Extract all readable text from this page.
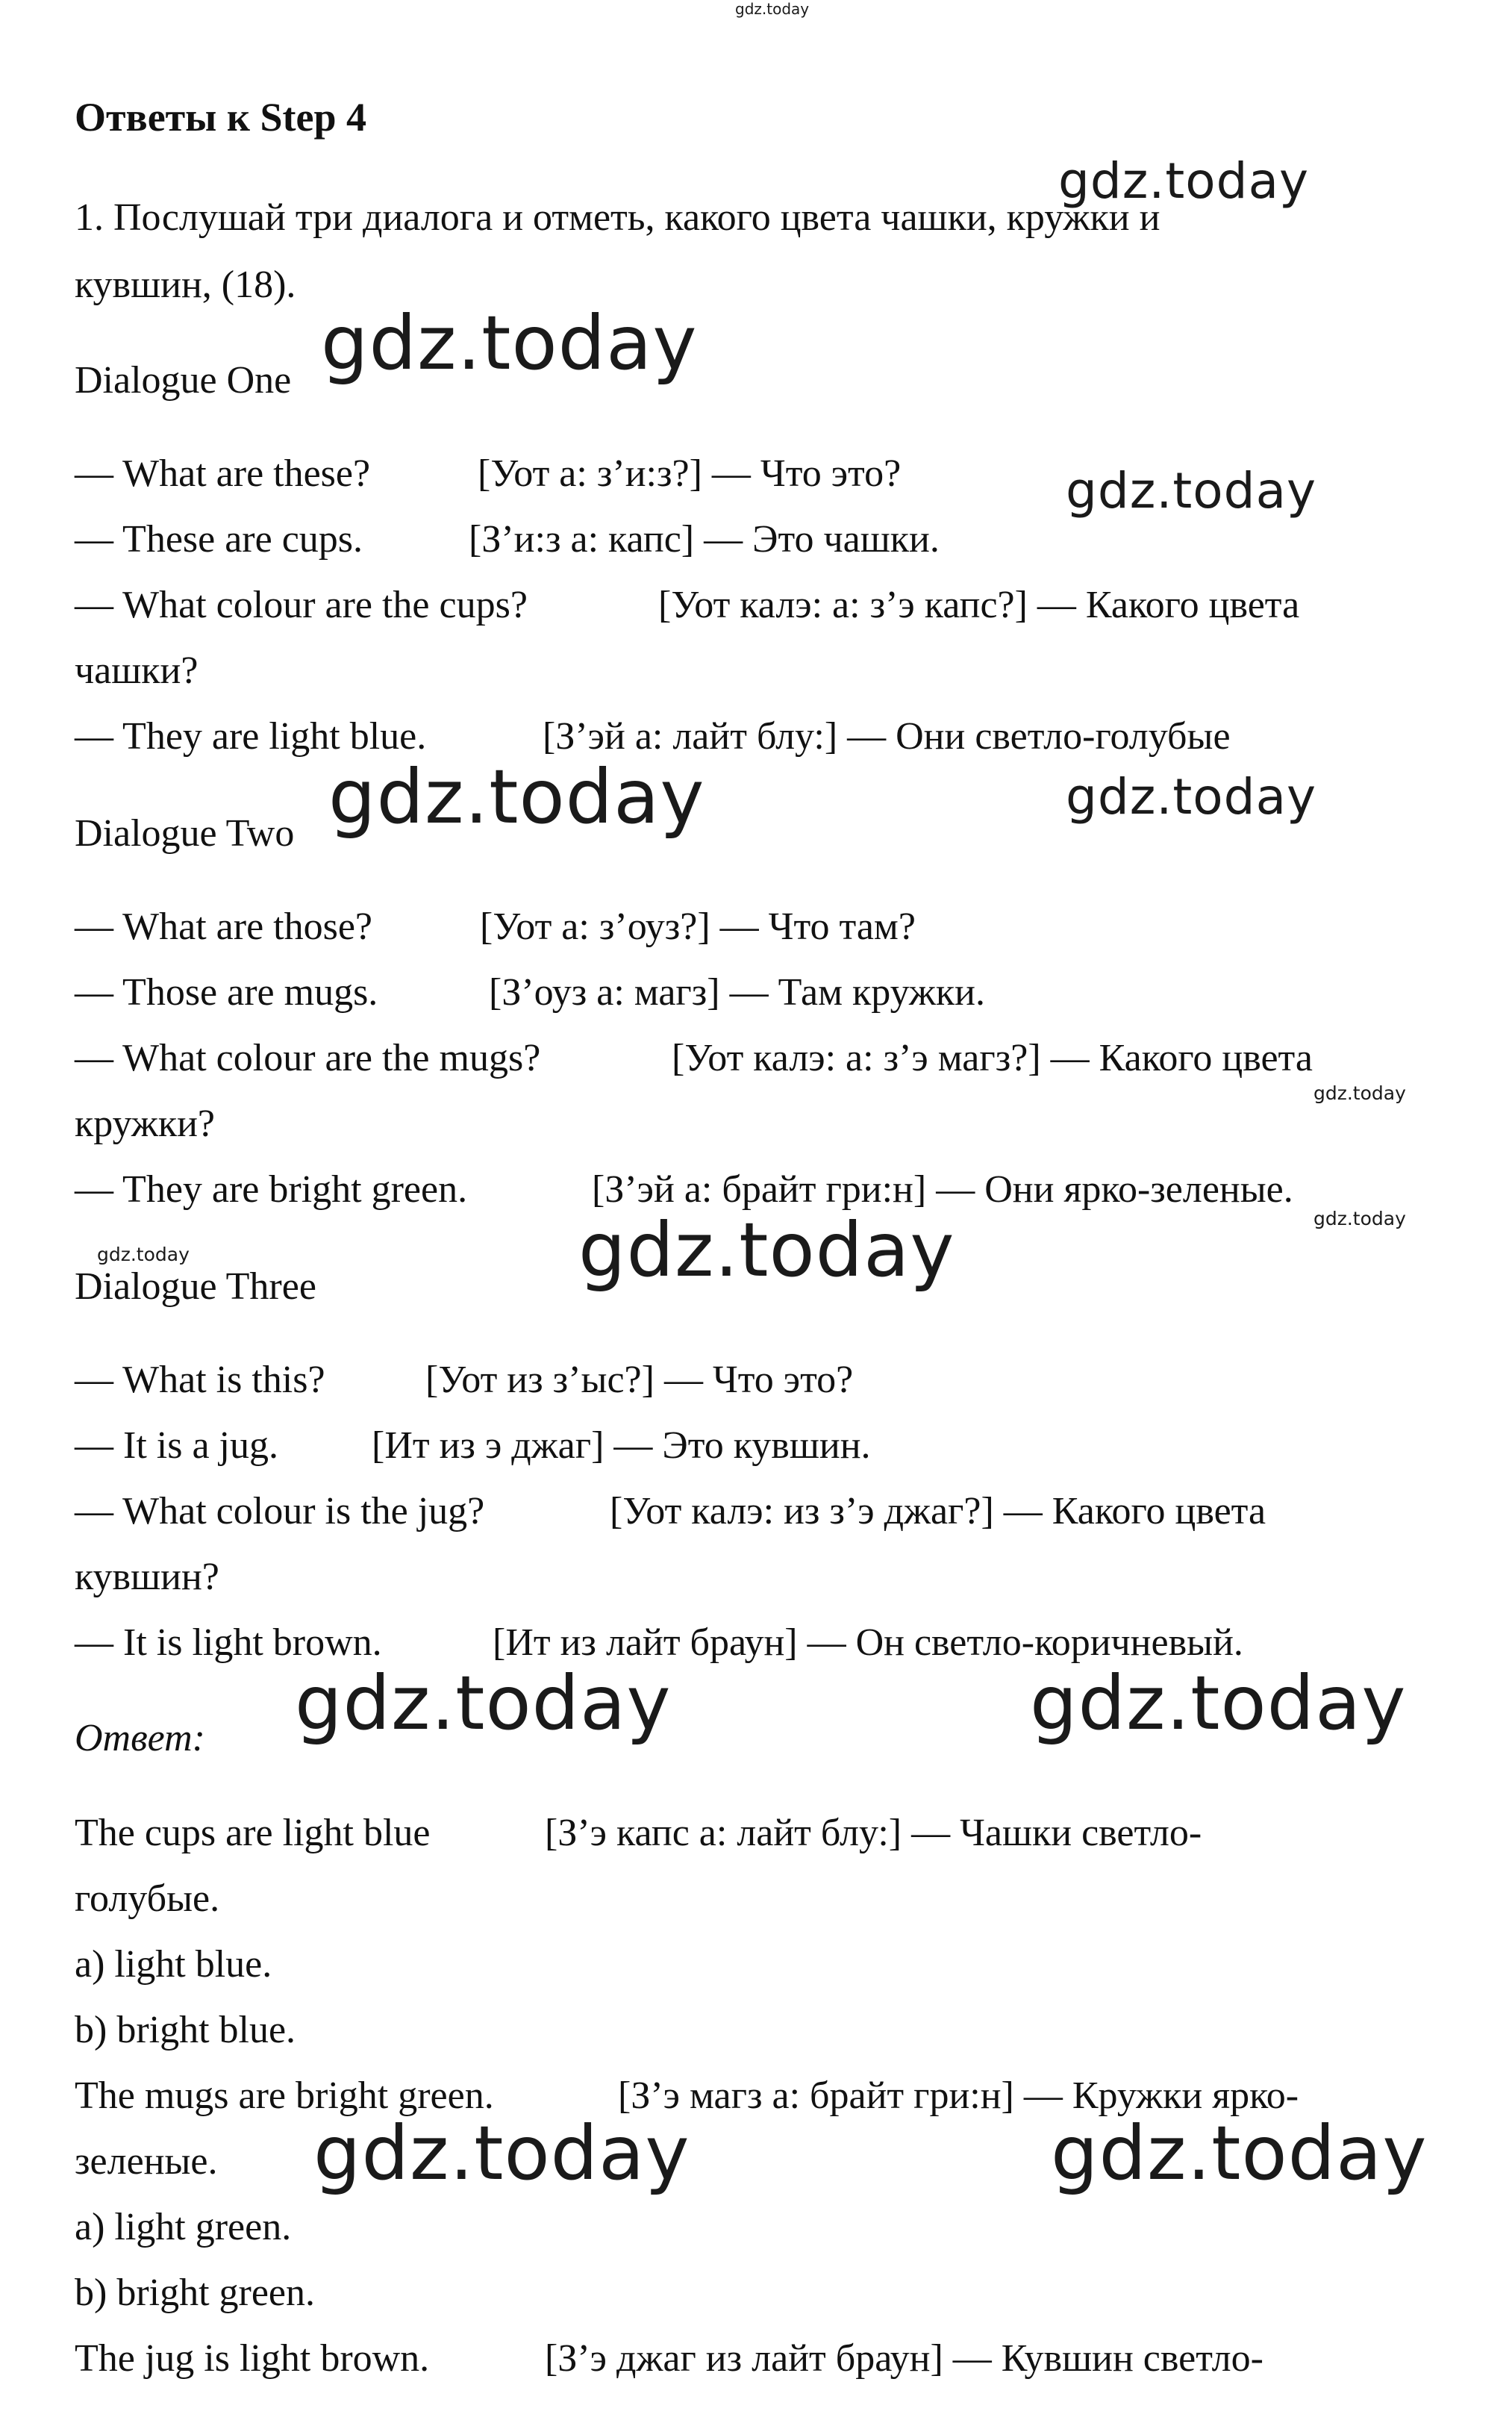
gdz.today
Ответы к Step 4
1. Послушай три диалога и отметь, какого цвета чашки, кружки и
кувшин, (18).
Dialogue One
— What are these?	[Уот а: з’и:з?] — Что это?
— These are cups.	[З’и:з а: капс] — Это чашки.
— What colour are the cups?	[Уот калэ: а: з’э капс?] — Какого цвета
чашки?
— They are light blue.	[З’эй а: лайт блу:] — Они светло-голубые
Dialogue Two
— What are those?	[Уот а: з’оуз?] — Что там?
— Those are mugs.	[З’оуз а: магз] — Там кружки.
— What colour are the mugs?	[Уот калэ: а: з’э магз?] — Какого цвета
кружки?
— They are bright green.	[З’эй а: брайт гри:н] — Они ярко-зеленые.
Dialogue Three
— What is this?	[Уот из з’ыс?] — Что это?
— It is a jug. [Ит из э джаг] — Это кувшин.
— What colour is the jug?	[Уот калэ: из з’э джаг?] — Какого цвета
кувшин?
— It is light brown.	[Ит из лайт браун] — Он светло-коричневый.
Ответ:
The cups are light blue	[З’э капс а: лайт блу:] — Чашки светло-
голубые.
a) light blue.
b) bright blue.
The mugs are bright green.	[З’э магз а: брайт гри:н] — Кружки ярко-
зеленые.
a) light green.
b) bright green.
The jug is light brown.	[З’э джаг из лайт браун] — Кувшин светло-
gdz.today
gdz.today
gdz.today
gdz.today	gdz.today
gdz.today
gdz.today
gdz.today	gdz.today
gdz.today	gdz.today
gdz.today	gdz.today
